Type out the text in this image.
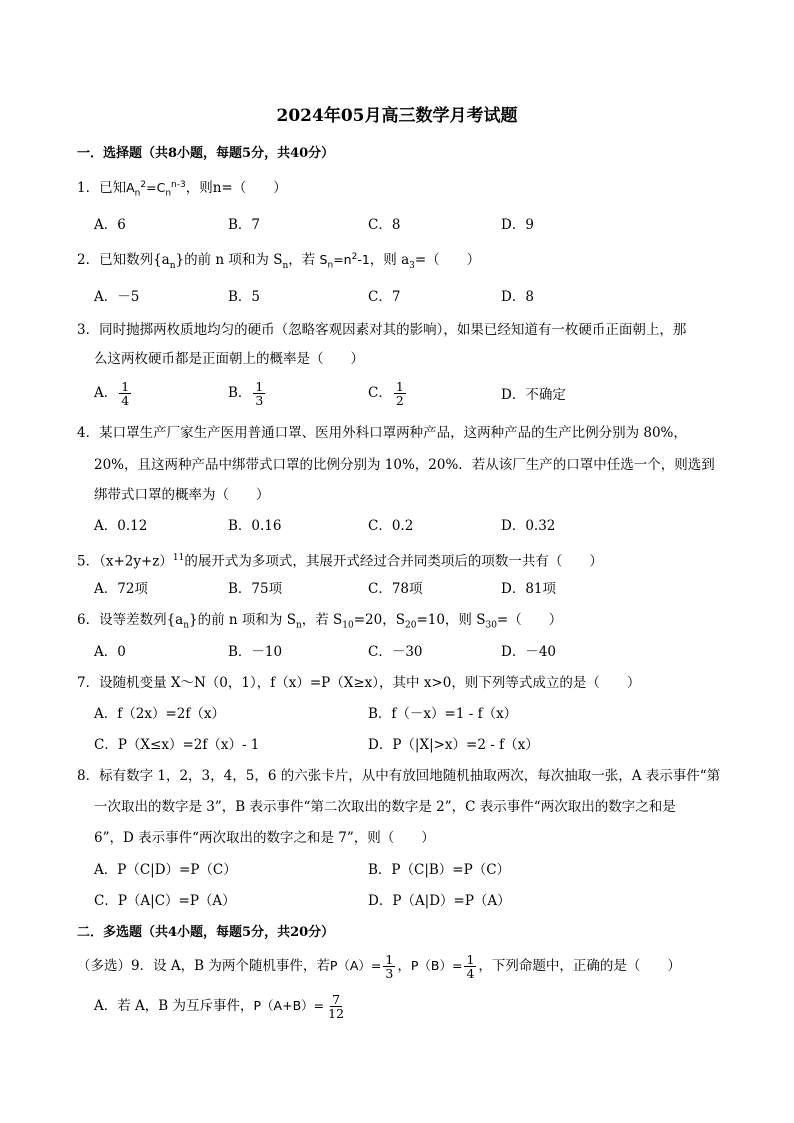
2024年05月高三数学月考试题
一．选择题（共8小题，每题5分，共40分）
1．已知$A_n^2=C_n^{n-3}$，则n=（　　）
A．6	B．7	C．8	D．9
2．已知数列$\{a_n\}$的前 n 项和为 $S_n$，若 $S_n=n^2-1$，则 $a_3=$（　　）
A．－5	B．5	C．7	D．8
3．同时抛掷两枚质地均匀的硬币（忽略客观因素对其的影响），如果已经知道有一枚硬币正面朝上，那
么这两枚硬币都是正面朝上的概率是（　　）
A． $\frac{1}{4}$	B． $\frac{1}{3}$	C． $\frac{1}{2}$	D．不确定
4．某口罩生产厂家生产医用普通口罩、医用外科口罩两种产品，这两种产品的生产比例分别为 80%，
20%，且这两种产品中绑带式口罩的比例分别为 10%，20%．若从该厂生产的口罩中任选一个，则选到
绑带式口罩的概率为（　　）
A．0.12	B．0.16	C．0.2	D．0.32
5．$(x+2y+z)^{11}$的展开式为多项式，其展开式经过合并同类项后的项数一共有（　　）
A．72项	B．75项	C．78项	D．81项
6．设等差数列$\{a_n\}$的前 n 项和为 $S_n$，若 $S_{10}=20$，$S_{20}=10$，则 $S_{30}=$（　　）
A．0	B．－10	C．－30	D．－40
7．设随机变量 X～N（0，1），f（x）=P（X≥x），其中 x>0，则下列等式成立的是（　　）
A．f（2x）=2f（x）	B．f（－x）=1 - f（x）
C．P（X≤x）=2f（x）- 1	D．P（|X|>x）=2 - f（x）
8．标有数字 1，2，3，4，5，6 的六张卡片，从中有放回地随机抽取两次，每次抽取一张，A 表示事件“第
一次取出的数字是 3”，B 表示事件“第二次取出的数字是 2”，C 表示事件“两次取出的数字之和是
6”，D 表示事件“两次取出的数字之和是 7”，则（　　）
A．P（C|D）=P（C）	B．P（C|B）=P（C）
C．P（A|C）=P（A）	D．P（A|D）=P（A）
二．多选题（共4小题，每题5分，共20分）
（多选）9．设 A，B 为两个随机事件，若$P(A)= \frac{1}{3}$ ，$P(B)= \frac{1}{4}$ ，下列命题中，正确的是（　　）
A．若 A，B 为互斥事件，$P(A+B)= \frac{7}{12}$
